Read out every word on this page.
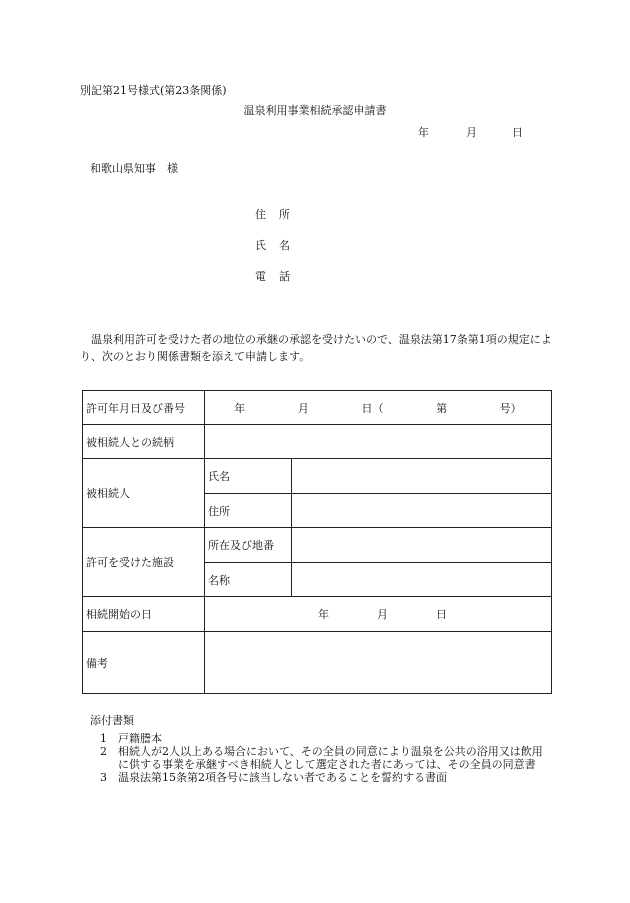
別記第21号様式(第23条関係)
温泉利用事業相続承認申請書
年	月	日
和歌山県知事　様
住 所
氏 名
電 話
温泉利用許可を受けた者の地位の承継の承認を受けたいので、温泉法第17条第1項の規定により、次のとおり関係書類を添えて申請します。
許可年月日及び番号	年 月 日（ 第 号）	

被相続人との続柄		
被相続人	氏名	
	住所	
許可を受けた施設	所在及び地番	
	名称	
相続開始の日	年 月 日	

備考		
添付書類
1	戸籍謄本
2	相続人が2人以上ある場合において、その全員の同意により温泉を公共の浴用又は飲用に供する事業を承継すべき相続人として選定された者にあっては、その全員の同意書
3	温泉法第15条第2項各号に該当しない者であることを誓約する書面
